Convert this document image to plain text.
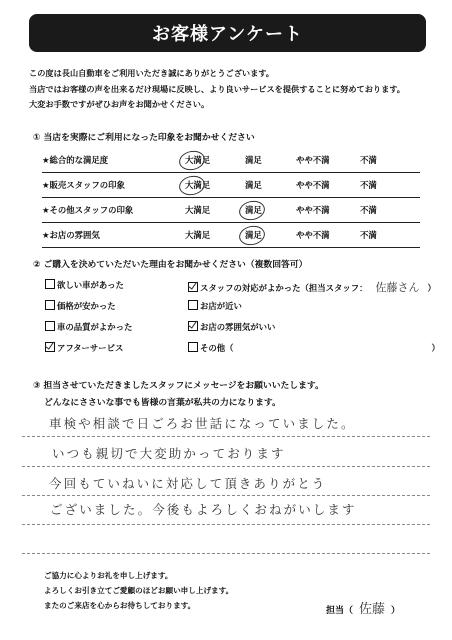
お客様アンケート
この度は長山自動車をご利用いただき誠にありがとうございます。
当店ではお客様の声を出来るだけ現場に反映し、より良いサービスを提供することに努めております。
大変お手数ですがぜひお声をお聞かせください。
① 当店を実際にご利用になった印象をお聞かせください
★総合的な満足度	大満足	満足	やや不満	不満
★販売スタッフの印象	大満足	満足	やや不満	不満
★その他スタッフの印象	大満足	満足	やや不満	不満
★お店の雰囲気	大満足	満足	やや不満	不満
② ご購入を決めていただいた理由をお聞かせください（複数回答可）
欲しい車があった	スタッフの対応がよかった（担当スタッフ： 佐藤さん ）
価格が安かった	お店が近い
車の品質がよかった	お店の雰囲気がいい
アフターサービス	その他（	）
③ 担当させていただきましたスタッフにメッセージをお願いいたします。
どんなにささいな事でも皆様の言葉が私共の力になります。
車検や相談で日ごろお世話になっていました。
いつも親切で大変助かっております
今回もていねいに対応して頂きありがとう
ございました。今後もよろしくおねがいします
ご協力に心よりお礼を申し上げます。
よろしくお引き立てご愛顧のほどお願い申し上げます。
またのご来店を心からお待ちしております。
担当（ 佐藤 ）
